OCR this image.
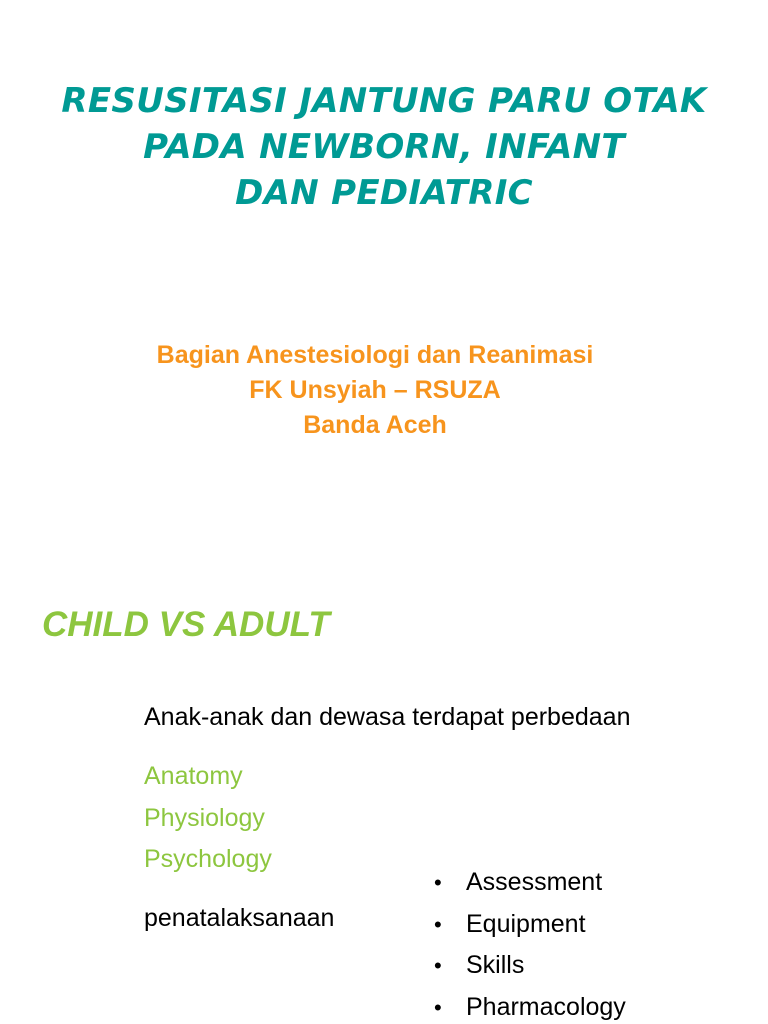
RESUSITASI JANTUNG PARU OTAK
PADA NEWBORN, INFANT
DAN PEDIATRIC
Bagian Anestesiologi dan Reanimasi
FK Unsyiah – RSUZA
Banda Aceh
CHILD VS ADULT

Anak-anak dan dewasa terdapat perbedaan

Anatomy
Physiology
Psychology

penatalaksanaan

• Assessment
• Equipment
• Skills
• Pharmacology
